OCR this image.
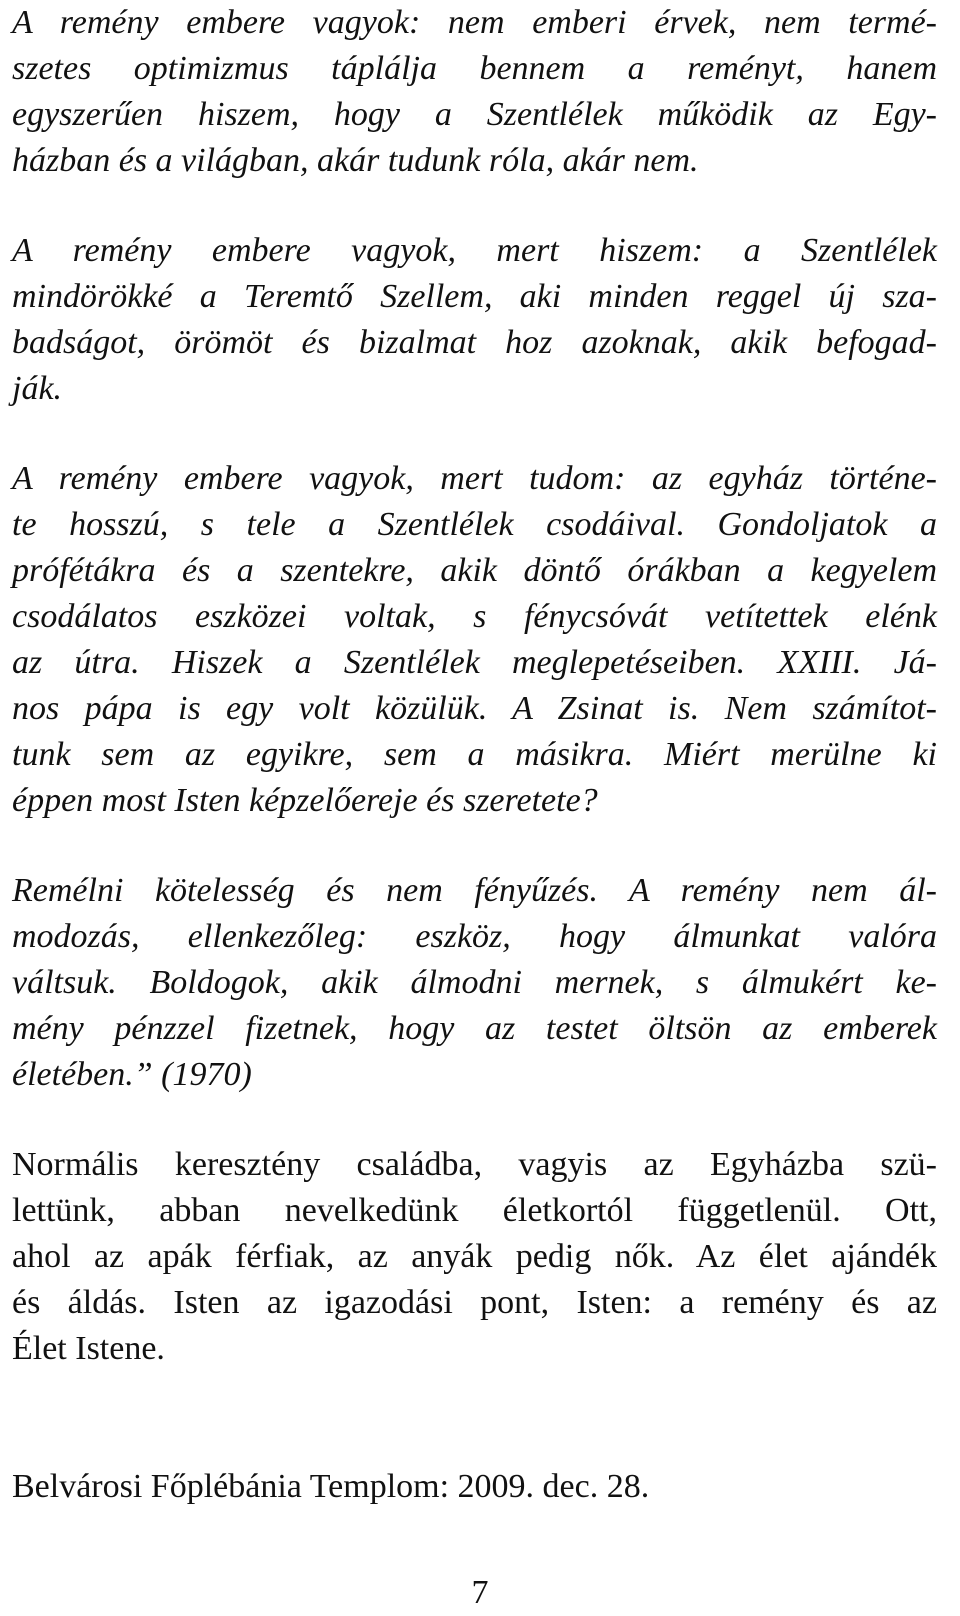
A remény embere vagyok: nem emberi érvek, nem termé-
szetes optimizmus táplálja bennem a reményt, hanem
egyszerűen hiszem, hogy a Szentlélek működik az Egy-
házban és a világban, akár tudunk róla, akár nem.
A remény embere vagyok, mert hiszem: a Szentlélek
mindörökké a Teremtő Szellem, aki minden reggel új sza-
badságot, örömöt és bizalmat hoz azoknak, akik befogad-
ják.
A remény embere vagyok, mert tudom: az egyház történe-
te hosszú, s tele a Szentlélek csodáival. Gondoljatok a
prófétákra és a szentekre, akik döntő órákban a kegyelem
csodálatos eszközei voltak, s fénycsóvát vetítettek elénk
az útra. Hiszek a Szentlélek meglepetéseiben. XXIII. Já-
nos pápa is egy volt közülük. A Zsinat is. Nem számítot-
tunk sem az egyikre, sem a másikra. Miért merülne ki
éppen most Isten képzelőereje és szeretete?
Remélni kötelesség és nem fényűzés. A remény nem ál-
modozás, ellenkezőleg: eszköz, hogy álmunkat valóra
váltsuk. Boldogok, akik álmodni mernek, s álmukért ke-
mény pénzzel fizetnek, hogy az testet öltsön az emberek
életében.” (1970)
Normális keresztény családba, vagyis az Egyházba szü-
lettünk, abban nevelkedünk életkortól függetlenül. Ott,
ahol az apák férfiak, az anyák pedig nők. Az élet ajándék
és áldás. Isten az igazodási pont, Isten: a remény és az
Élet Istene.
Belvárosi Főplébánia Templom: 2009. dec. 28.
7
